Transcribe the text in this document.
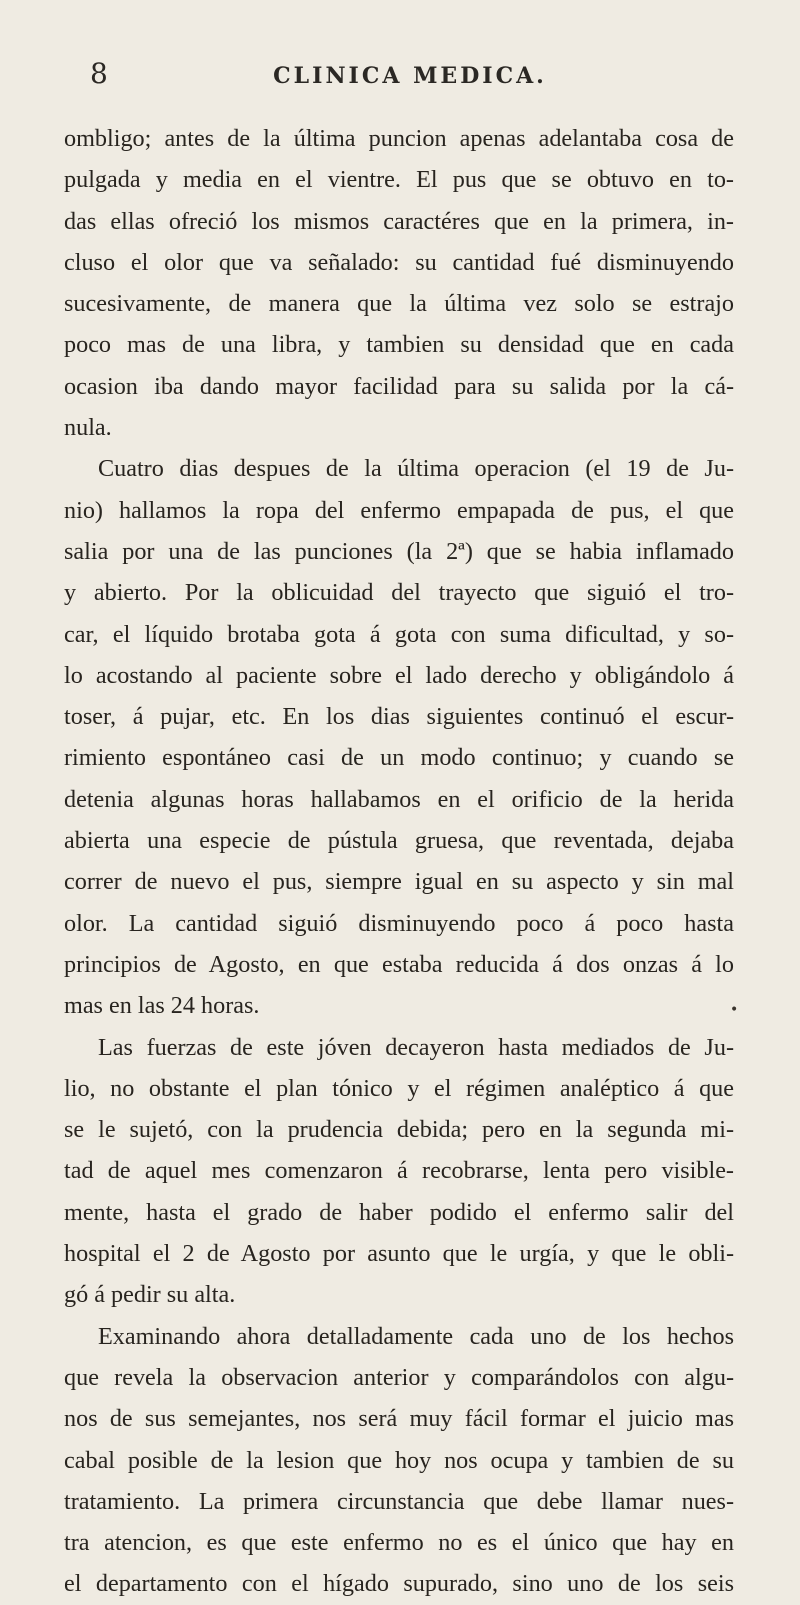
8	CLINICA MEDICA.
ombligo; antes de la última puncion apenas adelantaba cosa de
pulgada y media en el vientre. El pus que se obtuvo en to-
das ellas ofreció los mismos caractéres que en la primera, in-
cluso el olor que va señalado: su cantidad fué disminuyendo
sucesivamente, de manera que la última vez solo se estrajo
poco mas de una libra, y tambien su densidad que en cada
ocasion iba dando mayor facilidad para su salida por la cá-
nula.
Cuatro dias despues de la última operacion (el 19 de Ju-
nio) hallamos la ropa del enfermo empapada de pus, el que
salia por una de las punciones (la 2ª) que se habia inflamado
y abierto. Por la oblicuidad del trayecto que siguió el tro-
car, el líquido brotaba gota á gota con suma dificultad, y so-
lo acostando al paciente sobre el lado derecho y obligándolo á
toser, á pujar, etc. En los dias siguientes continuó el escur-
rimiento espontáneo casi de un modo continuo; y cuando se
detenia algunas horas hallabamos en el orificio de la herida
abierta una especie de pústula gruesa, que reventada, dejaba
correr de nuevo el pus, siempre igual en su aspecto y sin mal
olor. La cantidad siguió disminuyendo poco á poco hasta
principios de Agosto, en que estaba reducida á dos onzas á lo
mas en las 24 horas.
Las fuerzas de este jóven decayeron hasta mediados de Ju-
lio, no obstante el plan tónico y el régimen analéptico á que
se le sujetó, con la prudencia debida; pero en la segunda mi-
tad de aquel mes comenzaron á recobrarse, lenta pero visible-
mente, hasta el grado de haber podido el enfermo salir del
hospital el 2 de Agosto por asunto que le urgía, y que le obli-
gó á pedir su alta.
Examinando ahora detalladamente cada uno de los hechos
que revela la observacion anterior y comparándolos con algu-
nos de sus semejantes, nos será muy fácil formar el juicio mas
cabal posible de la lesion que hoy nos ocupa y tambien de su
tratamiento. La primera circunstancia que debe llamar nues-
tra atencion, es que este enfermo no es el único que hay en
el departamento con el hígado supurado, sino uno de los seis
•
